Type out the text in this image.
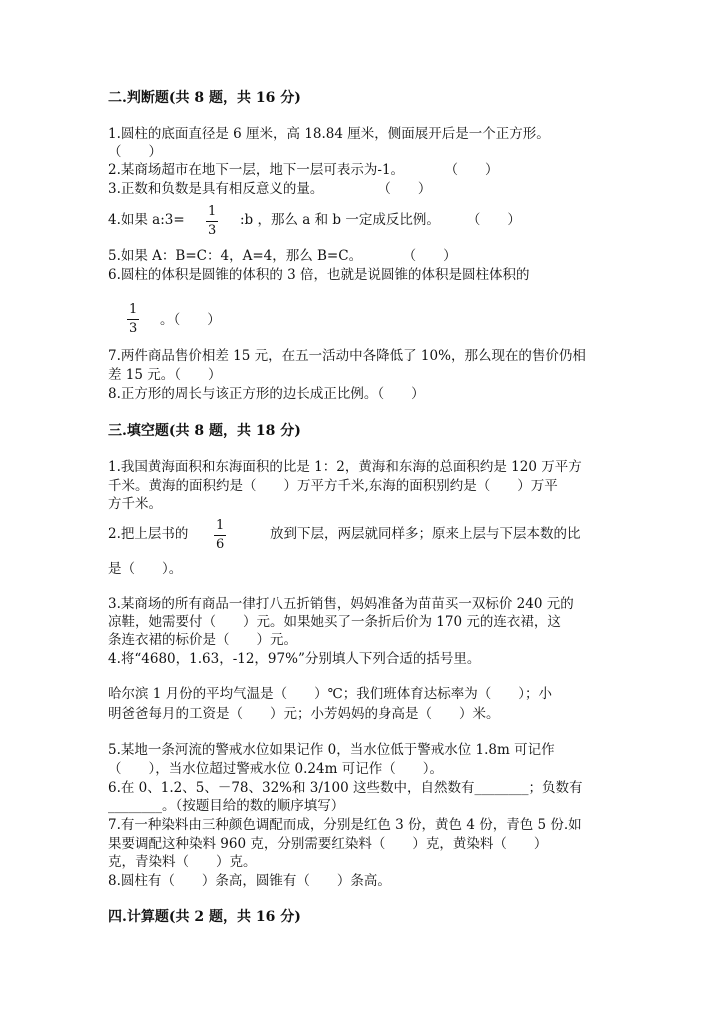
二.判断题(共 8 题，共 16 分)
1.圆柱的底面直径是 6 厘米，高 18.84 厘米，侧面展开后是一个正方形。
（　　）
2.某商场超市在地下一层，地下一层可表示为-1。　　　　（　　）
3.正数和负数是具有相反意义的量。　　　　　（　　）
4.如果 a:3=
1
3
:b ，那么 a 和 b 一定成反比例。　　　（　　）
5.如果 A：B=C：4，A=4，那么 B=C。　　　　（　　）
6.圆柱的体积是圆锥的体积的 3 倍，也就是说圆锥的体积是圆柱体积的
1
3
。（　　）
7.两件商品售价相差 15 元，在五一活动中各降低了 10%，那么现在的售价仍相
差 15 元。（　　）
8.正方形的周长与该正方形的边长成正比例。（　　）
三.填空题(共 8 题，共 18 分)
1.我国黄海面积和东海面积的比是 1：2，黄海和东海的总面积约是 120 万平方
千米。黄海的面积约是（　　）万平方千米,东海的面积别约是（　　）万平
方千米。
2.把上层书的
1
6
放到下层，两层就同样多；原来上层与下层本数的比
是（　　）。
3.某商场的所有商品一律打八五折销售，妈妈准备为苗苗买一双标价 240 元的
凉鞋，她需要付（　　）元。如果她买了一条折后价为 170 元的连衣裙，这
条连衣裙的标价是（　　）元。
4.将“4680，1.63，-12，97%”分别填人下列合适的括号里。
哈尔滨 1 月份的平均气温是（　　）℃；我们班体育达标率为（　　）；小
明爸爸每月的工资是（　　）元；小芳妈妈的身高是（　　）米。
5.某地一条河流的警戒水位如果记作 0，当水位低于警戒水位 1.8m 可记作
（　　），当水位超过警戒水位 0.24m 可记作（　　）。
6.在 0、1.2、5、－78、32%和 3/100 这些数中，自然数有________；负数有
________。（按题目给的数的顺序填写）
7.有一种染料由三种颜色调配而成，分别是红色 3 份，黄色 4 份，青色 5 份.如
果要调配这种染料 960 克，分别需要红染料（　　）克，黄染料（　　）
克，青染料（　　）克。
8.圆柱有（　　）条高，圆锥有（　　）条高。
四.计算题(共 2 题，共 16 分)
